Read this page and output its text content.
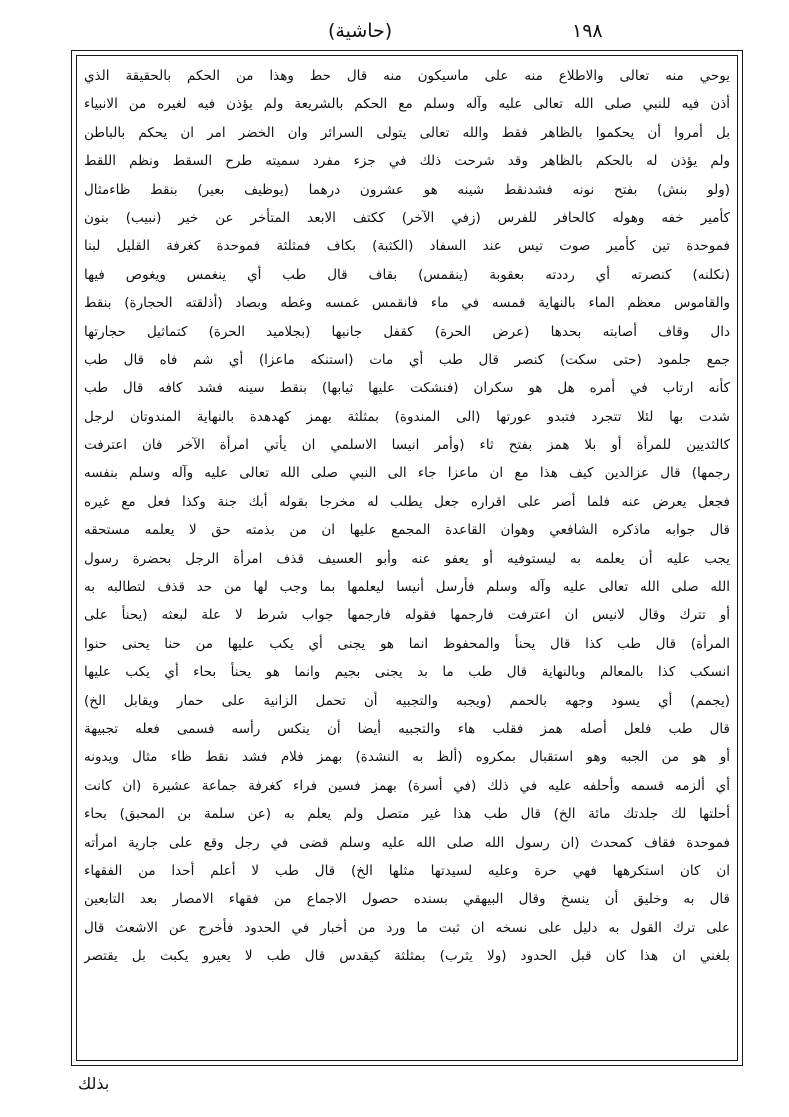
(حاشية)	١٩٨
يوحي منه تعالى والاطلاع منه على ماسيكون منه قال حط وهذا من الحكم بالحقيقة الذي
أذن فيه للنبي صلى الله تعالى عليه وآله وسلم مع الحكم بالشريعة ولم يؤذن فيه لغيره من الانبياء
بل أمروا أن يحكموا بالظاهر فقط والله تعالى يتولى السرائر وان الخضر امر ان يحكم بالباطن
ولم يؤذن له بالحكم بالظاهر وقد شرحت ذلك في جزء مفرد سميته طرح السقط ونظم اللقط
(ولو بنش) بفتح نونه فشدنقط شينه هو عشرون درهما (يوظيف بعير) بنقط ظاءمثال
كأمير خفه وهوله كالحافر للفرس (زفي الآخر) ككتف الابعد المتأخر عن خير (نبيب) بنون
فموحدة تين كأمير صوت تيس عند السفاد (الكثبة) بكاف فمثلثة فموحدة كغرفة القليل لبنا
(نكلنه) كنصرته أي رددته بعقوبة (ينقمس) بقاف قال طب أي ينغمس ويغوص فيها
والقاموس معظم الماء بالنهاية قمسه في ماء فانقمس غمسه وغطه وبصاد (أذلقته الحجارة) بنقط
دال وقاف أصابته بحدها (عرض الحرة) كقفل جانبها (بجلاميد الحرة) كتماثيل حجارتها
جمع جلمود (حتى سكت) كنصر قال طب أي مات (استنكه ماعزا) أي شم فاه قال طب
كأنه ارتاب في أمره هل هو سكران (فنشكت عليها ثيابها) بنقط سينه فشد كافه قال طب
شدت بها لئلا تتجرد فتبدو عورتها (الى المندوة) بمثلثة بهمز كهدهدة بالنهاية المندوتان لرجل
كالثديين للمرأة أو بلا همز بفتح ثاء (وأمر انيسا الاسلمي ان يأتي امرأة الآخر فان اعترفت
رجمها) قال عزالدين كيف هذا مع ان ماعزا جاء الى النبي صلى الله تعالى عليه وآله وسلم بنفسه
فجعل يعرض عنه فلما أصر على اقراره جعل يطلب له مخرجا بقوله أبك جنة وكذا فعل مع غيره
قال جوابه ماذكره الشافعي وهوان القاعدة المجمع عليها ان من بذمته حق لا يعلمه مستحقه
يجب عليه أن يعلمه به ليستوفيه أو يعفو عنه وأبو العسيف قذف امرأة الرجل بحضرة رسول
الله صلى الله تعالى عليه وآله وسلم فأرسل أنيسا ليعلمها بما وجب لها من حد قذف لتطالبه به
أو تترك وقال لانيس ان اعترفت فارجمها فقوله فارجمها جواب شرط لا علة لبعثه (يحنأ على
المرأة) قال طب كذا قال يحنأ والمحفوظ انما هو يجنى أي يكب عليها من حنا يحنى حنوا
انسكب كذا بالمعالم وبالنهاية قال طب ما بد يجنى بجيم وانما هو يحنأ بحاء أي يكب عليها
(يجمم) أي يسود وجهه بالحمم (ويجبه والتجبيه أن تحمل الزانية على حمار ويقابل الخ)
قال طب فلعل أصله همز فقلب هاء والتجبيه أيضا أن ينكس رأسه فسمى فعله تجبيهة
أو هو من الجبه وهو استقبال بمكروه (ألظ به النشدة) بهمز فلام فشد نقط ظاء مثال ويدونه
أي ألزمه قسمه وأحلفه عليه في ذلك (في أسرة) بهمز فسين فراء كغرفة جماعة عشيرة (ان كانت
أحلتها لك جلدتك مائة الخ) قال طب هذا غير متصل ولم يعلم به (عن سلمة بن المحبق) بحاء
فموحدة فقاف كمحدث (ان رسول الله صلى الله عليه وسلم قضى في رجل وقع على جارية امرأته
ان كان استكرهها فهي حرة وعليه لسيدتها مثلها الخ) قال طب لا أعلم أحدا من الفقهاء
قال به وخليق أن ينسخ وقال البيهقي بسنده حصول الاجماع من فقهاء الامصار بعد التابعين
على ترك القول به دليل على نسخه ان ثبت ما ورد من أخبار في الحدود فأخرج عن الاشعث قال
بلغني ان هذا كان قبل الحدود (ولا يثرب) بمثلثة كيقدس قال طب لا يعيرو يكبت بل يقتصر
بذلك
